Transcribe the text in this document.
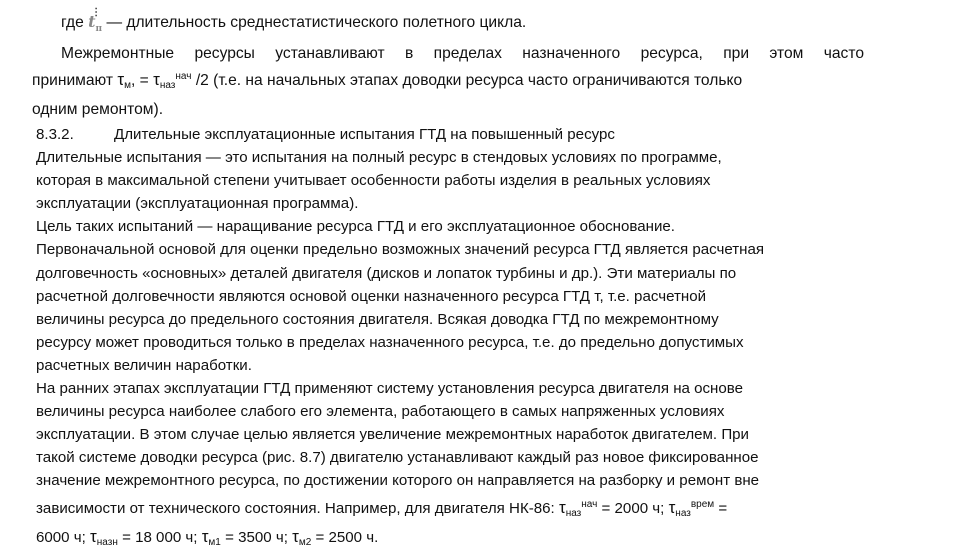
где
⋮
$t_п$ — длительность среднестатистического полетного цикла.
Межремонтные ресурсы устанавливают в пределах назначенного ресурса, при этом часто
принимают $\tau_м$, = $\tau_{наз}^{нач}$ /2 (т.е. на начальных этапах доводки ресурса часто ограничиваются только
одним ремонтом).
8.3.2.	Длительные эксплуатационные испытания ГТД на повышенный ресурс
Длительные испытания — это испытания на полный ресурс в стендовых условиях по программе,
которая в максимальной степени учитывает особенности работы изделия в реальных условиях
эксплуатации (эксплуатационная программа).
Цель таких испытаний — наращивание ресурса ГТД и его эксплуатационное обоснование.
Первоначальной основой для оценки предельно возможных значений ресурса ГТД является расчетная
долговечность «основных» деталей двигателя (дисков и лопаток турбины и др.). Эти материалы по
расчетной долговечности являются основой оценки назначенного ресурса ГТД т, т.е. расчетной
величины ресурса до предельного состояния двигателя. Всякая доводка ГТД по межремонтному
ресурсу может проводиться только в пределах назначенного ресурса, т.е. до предельно допустимых
расчетных величин наработки.
На ранних этапах эксплуатации ГТД применяют систему установления ресурса двигателя на основе
величины ресурса наиболее слабого его элемента, работающего в самых напряженных условиях
эксплуатации. В этом случае целью является увеличение межремонтных наработок двигателем. При
такой системе доводки ресурса (рис. 8.7) двигателю устанавливают каждый раз новое фиксированное
значение межремонтного ресурса, по достижении которого он направляется на разборку и ремонт вне
зависимости от технического состояния. Например, для двигателя НК-86: $\tau_{наз}^{нач} = 2000$ ч; $\tau_{наз}^{врем}$ =
6000 ч; $\tau_{назн} = 18$ 000 ч; $\tau_{м1} = 3500$ ч; $\tau_{м2} = 2500$ ч.
